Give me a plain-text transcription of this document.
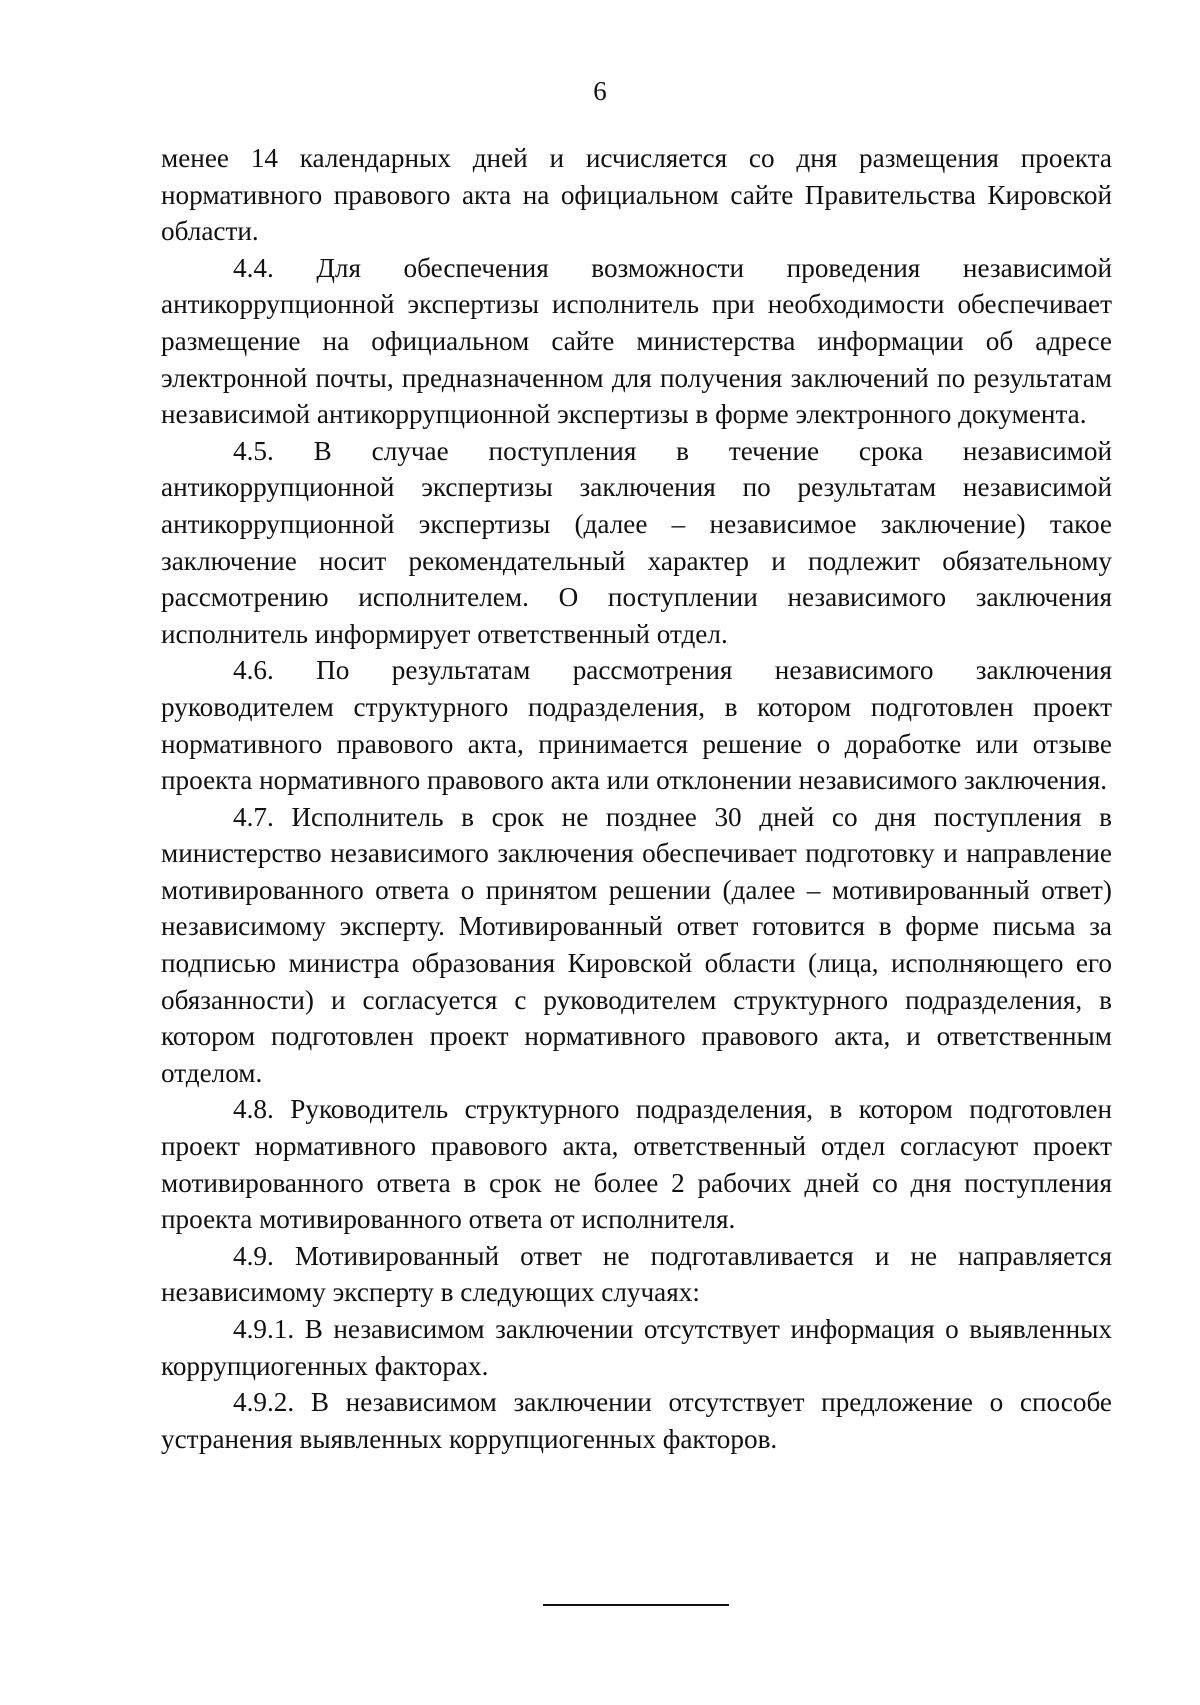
6

менее 14 календарных дней и исчисляется со дня размещения проекта нормативного правового акта на официальном сайте Правительства Кировской области.

4.4. Для обеспечения возможности проведения независимой антикоррупционной экспертизы исполнитель при необходимости обеспечивает размещение на официальном сайте министерства информации об адресе электронной почты, предназначенном для получения заключений по результатам независимой антикоррупционной экспертизы в форме электронного документа.

4.5. В случае поступления в течение срока независимой антикоррупционной экспертизы заключения по результатам независимой антикоррупционной экспертизы (далее – независимое заключение) такое заключение носит рекомендательный характер и подлежит обязательному рассмотрению исполнителем. О поступлении независимого заключения исполнитель информирует ответственный отдел.

4.6. По результатам рассмотрения независимого заключения руководителем структурного подразделения, в котором подготовлен проект нормативного правового акта, принимается решение о доработке или отзыве проекта нормативного правового акта или отклонении независимого заключения.

4.7. Исполнитель в срок не позднее 30 дней со дня поступления в министерство независимого заключения обеспечивает подготовку и направление мотивированного ответа о принятом решении (далее – мотивированный ответ) независимому эксперту. Мотивированный ответ готовится в форме письма за подписью министра образования Кировской области (лица, исполняющего его обязанности) и согласуется с руководителем структурного подразделения, в котором подготовлен проект нормативного правового акта, и ответственным отделом.

4.8. Руководитель структурного подразделения, в котором подготовлен проект нормативного правового акта, ответственный отдел согласуют проект мотивированного ответа в срок не более 2 рабочих дней со дня поступления проекта мотивированного ответа от исполнителя.

4.9. Мотивированный ответ не подготавливается и не направляется независимому эксперту в следующих случаях:

4.9.1. В независимом заключении отсутствует информация о выявленных коррупциогенных факторах.

4.9.2. В независимом заключении отсутствует предложение о способе устранения выявленных коррупциогенных факторов.
